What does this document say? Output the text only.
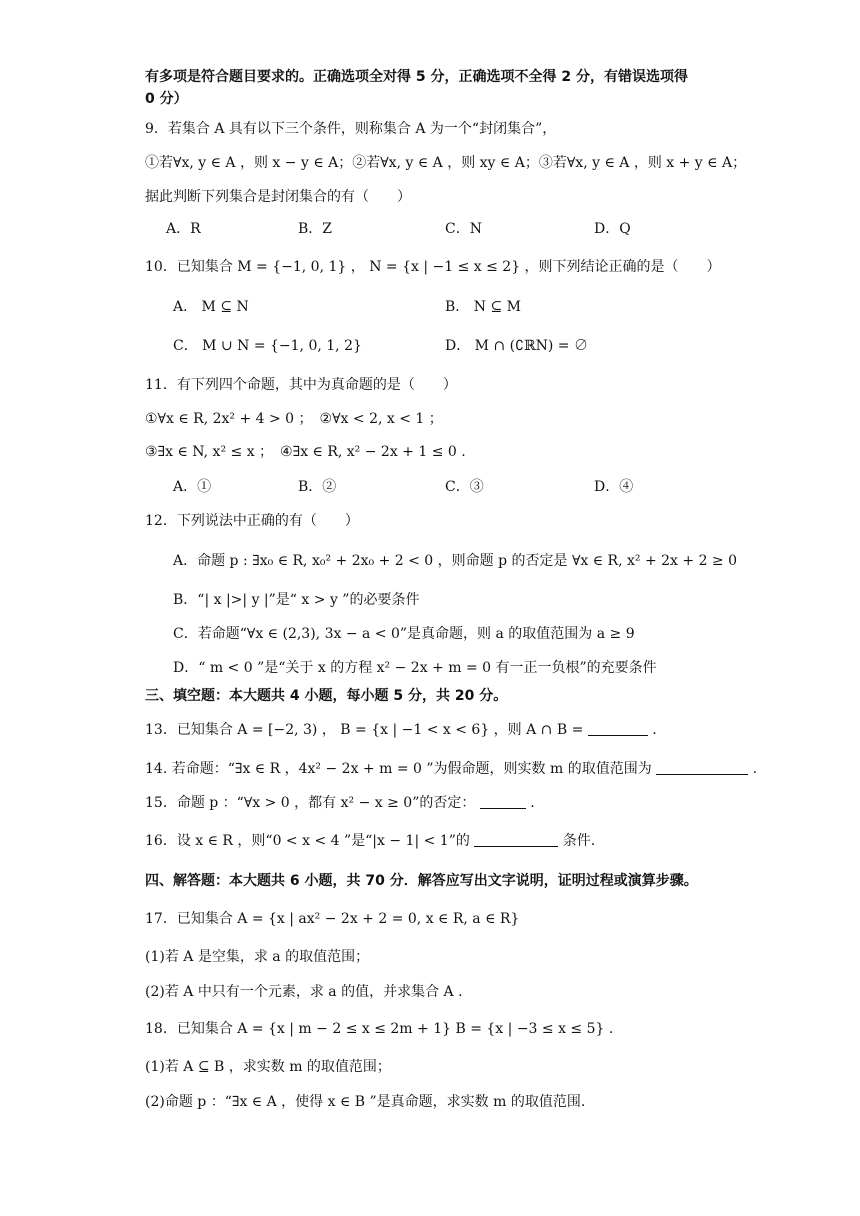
有多项是符合题目要求的。正确选项全对得 5 分，正确选项不全得 2 分，有错误选项得
0 分）
9．若集合 A 具有以下三个条件，则称集合 A 为一个“封闭集合”，
①若∀x, y ∈ A ，则 x − y ∈ A；②若∀x, y ∈ A ，则 xy ∈ A；③若∀x, y ∈ A ，则 x + y ∈ A；
据此判断下列集合是封闭集合的有（　　）
A．R	B．Z	C．N	D．Q
10．已知集合 M = {−1, 0, 1} ， N = {x | −1 ≤ x ≤ 2} ，则下列结论正确的是（　　）
A． M ⊆ N	B． N ⊆ M
C． M ∪ N = {−1, 0, 1, 2}	D． M ∩ (∁ℝN) = ∅
11．有下列四个命题，其中为真命题的是（　　）
①∀x ∈ R, 2x² + 4 > 0 ；　②∀x < 2, x < 1 ；
③∃x ∈ N, x² ≤ x ；　④∃x ∈ R, x² − 2x + 1 ≤ 0 .
A．①	B．②	C．③	D．④
12．下列说法中正确的有（　　）
A．命题 p : ∃x₀ ∈ R, x₀² + 2x₀ + 2 < 0 ，则命题 p 的否定是 ∀x ∈ R, x² + 2x + 2 ≥ 0
B．“| x |>| y |”是“ x > y ”的必要条件
C．若命题“∀x ∈ (2,3), 3x − a < 0”是真命题，则 a 的取值范围为 a ≥ 9
D．“ m < 0 ”是“关于 x 的方程 x² − 2x + m = 0 有一正一负根”的充要条件
三、填空题：本大题共 4 小题，每小题 5 分，共 20 分。
13．已知集合 A = [−2, 3) ， B = {x | −1 < x < 6} ，则 A ∩ B =	.
14. 若命题：“∃x ∈ R ，4x² − 2x + m = 0 ”为假命题，则实数 m 的取值范围为	.
15．命题 p ：“∀x > 0 ，都有 x² − x ≥ 0”的否定：	.
16．设 x ∈ R ，则“0 < x < 4 ”是“|x − 1| < 1”的	条件.
四、解答题：本大题共 6 小题，共 70 分．解答应写出文字说明，证明过程或演算步骤。
17．已知集合 A = {x | ax² − 2x + 2 = 0, x ∈ R, a ∈ R}
(1)若 A 是空集，求 a 的取值范围；
(2)若 A 中只有一个元素，求 a 的值，并求集合 A .
18．已知集合 A = {x | m − 2 ≤ x ≤ 2m + 1} B = {x | −3 ≤ x ≤ 5} .
(1)若 A ⊆ B ，求实数 m 的取值范围；
(2)命题 p ：“∃x ∈ A ，使得 x ∈ B ”是真命题，求实数 m 的取值范围.
